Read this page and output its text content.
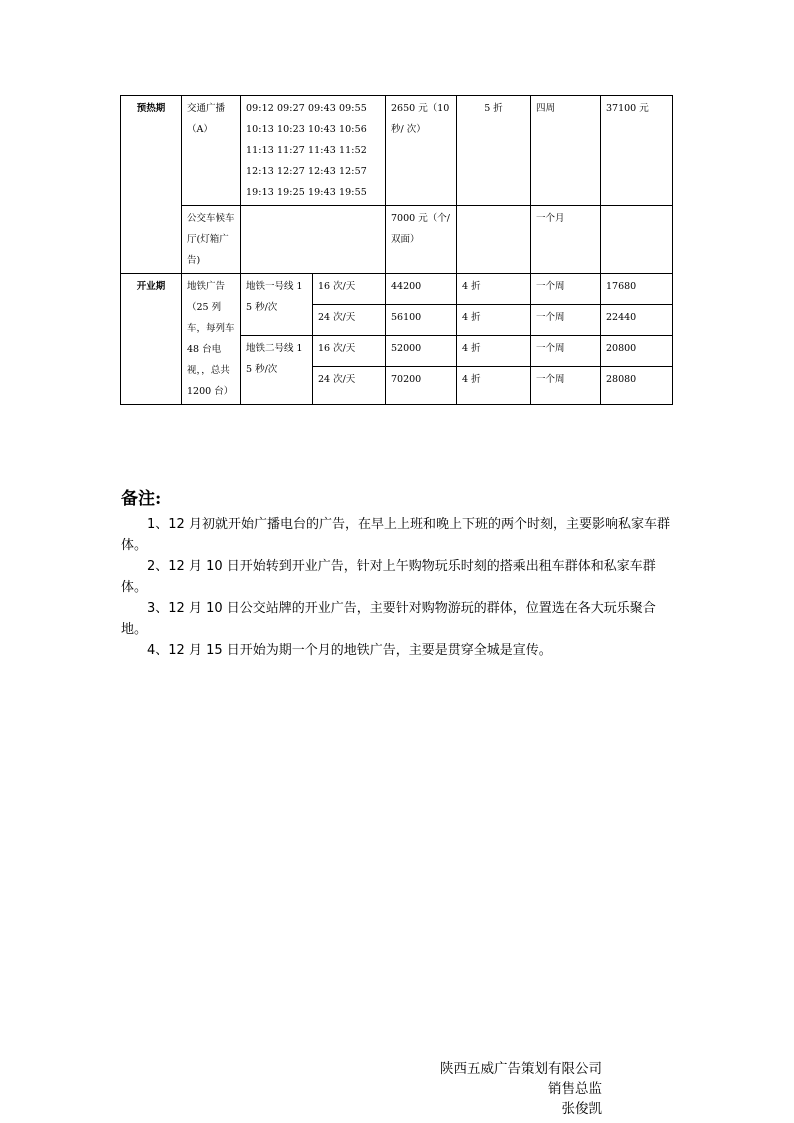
预热期	交通广播（A）	09:12 09:27 09:43 09:55
10:13 10:23 10:43 10:56
11:13 11:27 11:43 11:52
12:13 12:27 12:43 12:57
19:13 19:25 19:43 19:55		2650 元（10 秒/ 次）	5 折	四周	37100 元
	公交车候车厅(灯箱广告)			7000 元（个/双面）		一个月	
开业期	地铁广告（25 列车，每列车 48 台电视，，总共 1200 台）	地铁一号线 15 秒/次	16 次/天	44200	4 折	一个周	17680
			24 次/天	56100	4 折	一个周	22440
		地铁二号线 15 秒/次	16 次/天	52000	4 折	一个周	20800
			24 次/天	70200	4 折	一个周	28080
备注:

1、12 月初就开始广播电台的广告，在早上上班和晚上下班的两个时刻，主要影响私家车群体。

2、12 月 10 日开始转到开业广告，针对上午购物玩乐时刻的搭乘出租车群体和私家车群体。

3、12 月 10 日公交站牌的开业广告，主要针对购物游玩的群体，位置选在各大玩乐聚合地。

4、12 月 15 日开始为期一个月的地铁广告，主要是贯穿全城是宣传。

陕西五威广告策划有限公司
销售总监
张俊凯
